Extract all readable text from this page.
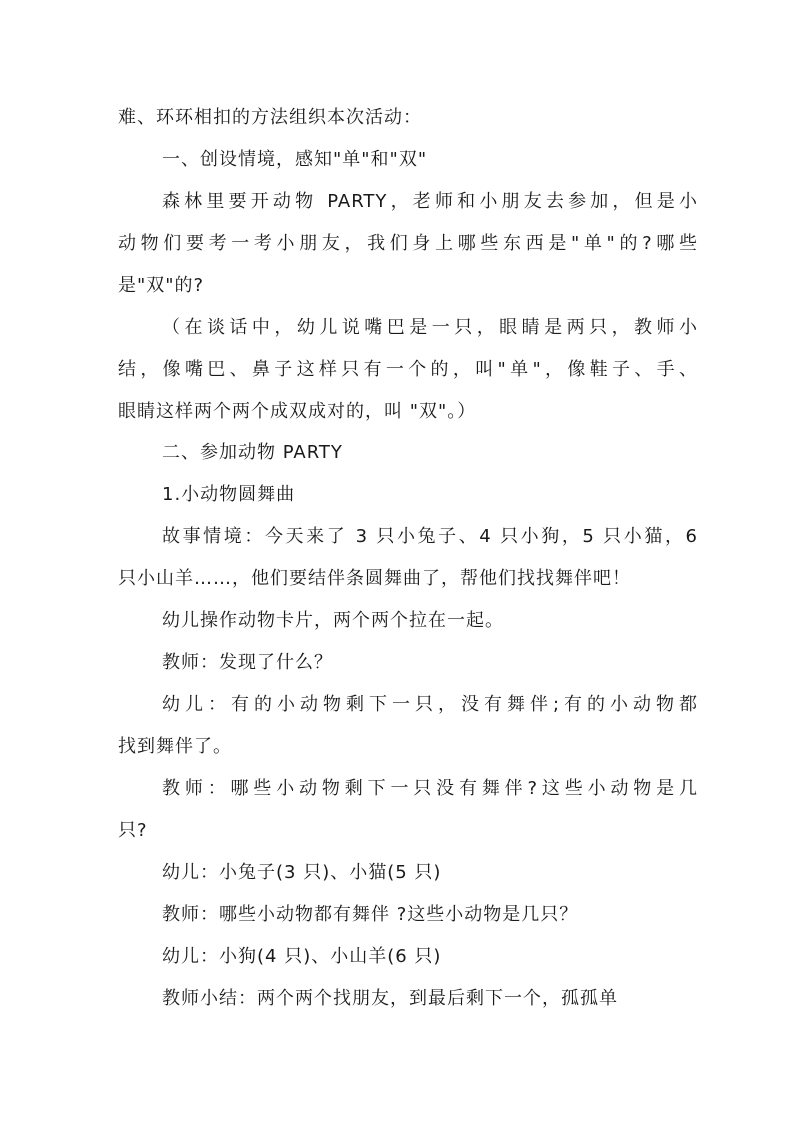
难、环环相扣的方法组织本次活动：
一、创设情境，感知"单"和"双"
森林里要开动物 PARTY，老师和小朋友去参加，但是小
动物们要考一考小朋友，我们身上哪些东西是"单"的?哪些
是"双"的?
（在谈话中，幼儿说嘴巴是一只，眼睛是两只，教师小
结，像嘴巴、鼻子这样只有一个的，叫"单"，像鞋子、手、
眼睛这样两个两个成双成对的，叫 "双"。）
二、参加动物 PARTY
1.小动物圆舞曲
故事情境：今天来了 3 只小兔子、4 只小狗，5 只小猫，6
只小山羊……，他们要结伴条圆舞曲了，帮他们找找舞伴吧！
幼儿操作动物卡片，两个两个拉在一起。
教师：发现了什么？
幼儿：有的小动物剩下一只，没有舞伴;有的小动物都
找到舞伴了。
教师：哪些小动物剩下一只没有舞伴?这些小动物是几
只?
幼儿：小兔子(3 只)、小猫(5 只)
教师：哪些小动物都有舞伴 ?这些小动物是几只？
幼儿：小狗(4 只)、小山羊(6 只)
教师小结：两个两个找朋友，到最后剩下一个，孤孤单
